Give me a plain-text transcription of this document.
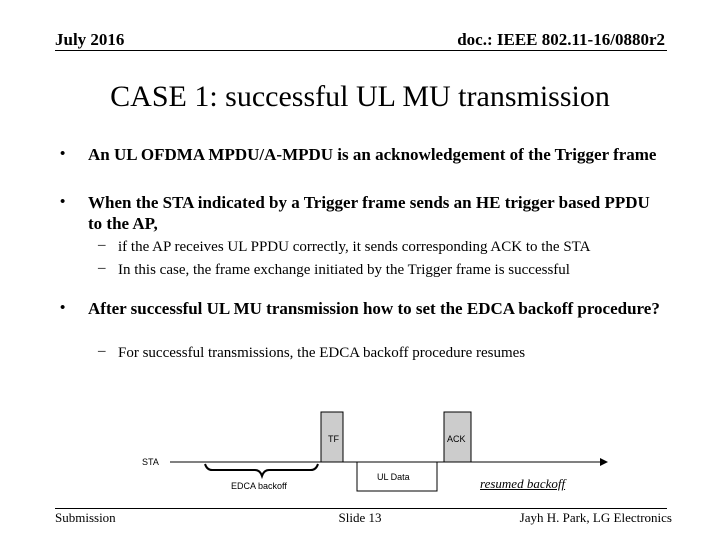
July 2016	doc.: IEEE 802.11-16/0880r2
CASE 1: successful UL MU transmission
• An UL OFDMA MPDU/A-MPDU is an acknowledgement of the Trigger frame
• When the STA indicated by a Trigger frame sends an HE trigger based PPDU to the AP,
– if the AP receives UL PPDU correctly, it sends corresponding ACK to the STA
– In this case, the frame exchange initiated by the Trigger frame is successful
• After successful UL MU transmission how to set the EDCA backoff procedure?
– For successful transmissions, the EDCA backoff procedure resumes
TF	ACK
STA
UL Data
EDCA backoff	resumed backoff
Submission	Slide 13	Jayh H. Park, LG Electronics
